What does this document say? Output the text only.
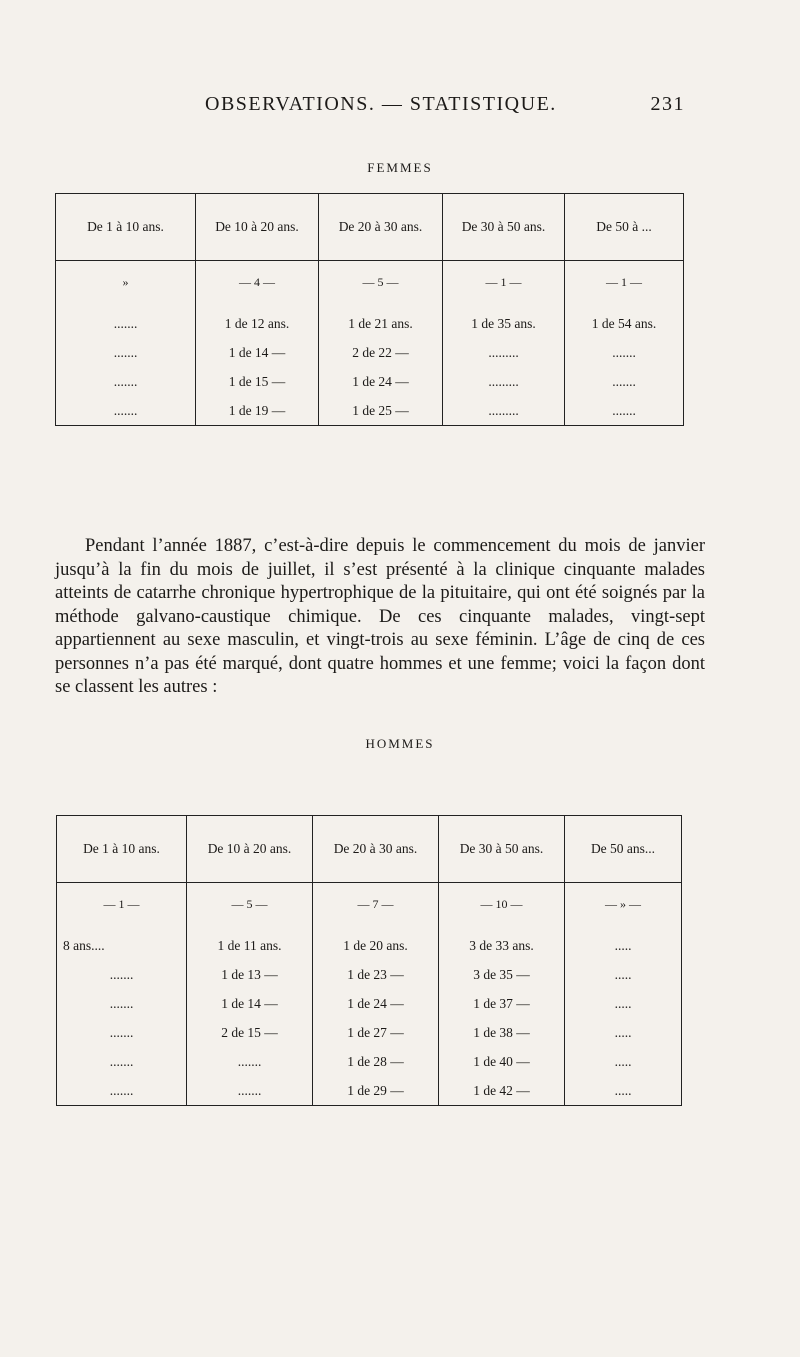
OBSERVATIONS. — STATISTIQUE.	231
FEMMES
De 1 à 10 ans.	De 10 à 20 ans.	De 20 à 30 ans.	De 30 à 50 ans.	De 50 à ...
»	— 4 —	— 5 —	— 1 —	— 1 —
.......	1 de 12 ans.	1 de 21 ans.	1 de 35 ans.	1 de 54 ans.
.......	1 de 14 —	2 de 22 —	.........	.......
.......	1 de 15 —	1 de 24 —	.........	.......
.......	1 de 19 —	1 de 25 —	.........	.......

Pendant l’année 1887, c’est-à-dire depuis le commencement du mois de janvier jusqu’à la fin du mois de juillet, il s’est présenté à la clinique cinquante malades atteints de catarrhe chronique hypertrophique de la pituitaire, qui ont été soignés par la méthode galvano-caustique chimique. De ces cinquante malades, vingt-sept appartiennent au sexe masculin, et vingt-trois au sexe féminin. L’âge de cinq de ces personnes n’a pas été marqué, dont quatre hommes et une femme; voici la façon dont se classent les autres :

HOMMES
De 1 à 10 ans.	De 10 à 20 ans.	De 20 à 30 ans.	De 30 à 50 ans.	De 50 ans...
— 1 —	— 5 —	— 7 —	— 10 —	— » —
8 ans....	1 de 11 ans.	1 de 20 ans.	3 de 33 ans.	.....
.......	1 de 13 —	1 de 23 —	3 de 35 —	.....
.......	1 de 14 —	1 de 24 —	1 de 37 —	.....
.......	2 de 15 —	1 de 27 —	1 de 38 —	.....
.......	.......	1 de 28 —	1 de 40 —	.....
.......	.......	1 de 29 —	1 de 42 —	.....
